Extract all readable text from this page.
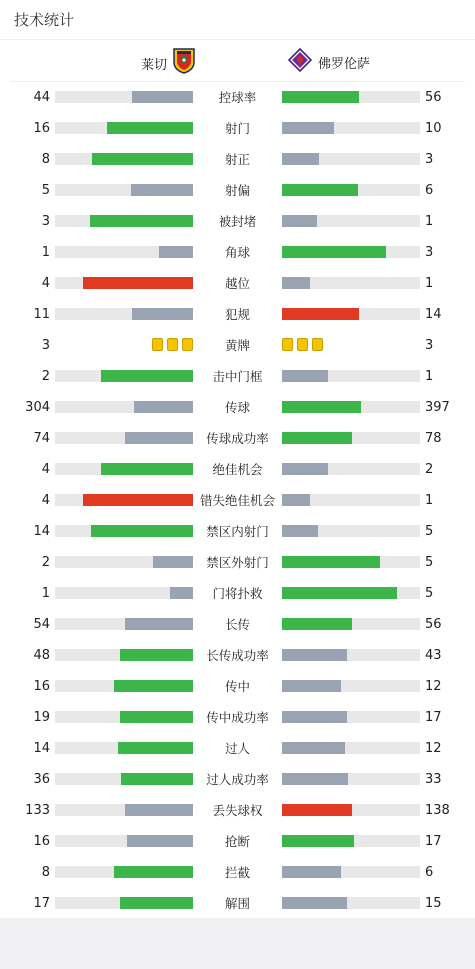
技术统计
莱切	佛罗伦萨
44	控球率	56
16	射门	10
8	射正	3
5	射偏	6
3	被封堵	1
1	角球	3
4	越位	1
11	犯规	14
3	黄牌	3
2	击中门框	1
304	传球	397
74	传球成功率	78
4	绝佳机会	2
4	错失绝佳机会	1
14	禁区内射门	5
2	禁区外射门	5
1	门将扑救	5
54	长传	56
48	长传成功率	43
16	传中	12
19	传中成功率	17
14	过人	12
36	过人成功率	33
133	丢失球权	138
16	抢断	17
8	拦截	6
17	解围	15
